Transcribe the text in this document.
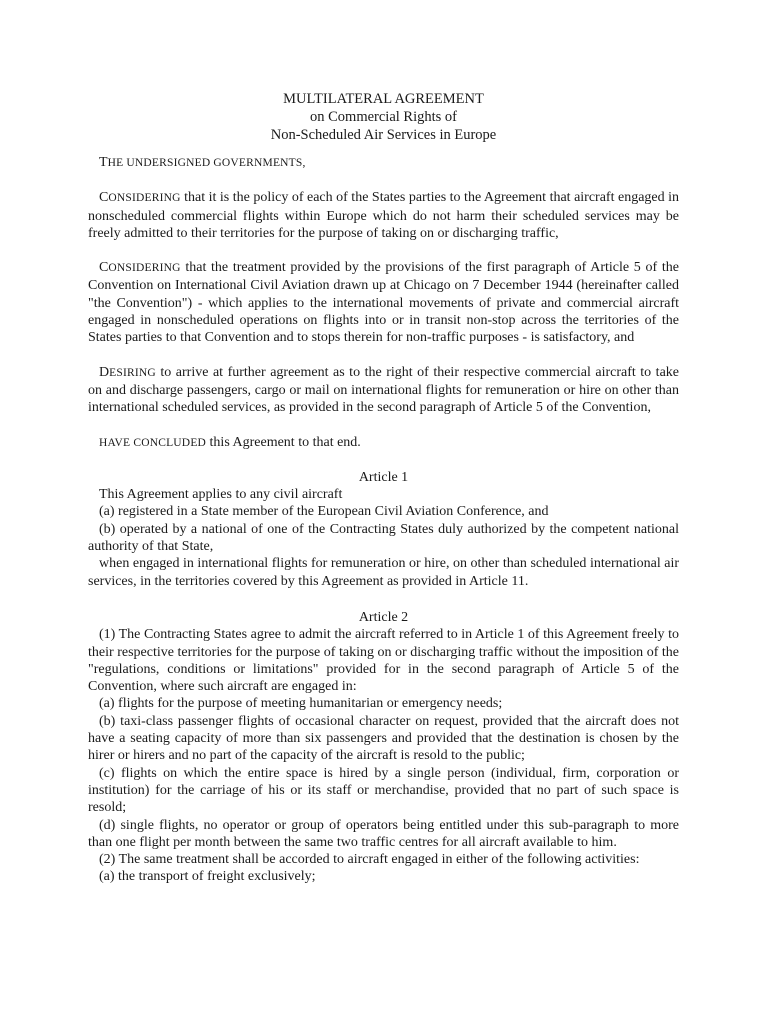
MULTILATERAL AGREEMENT
on Commercial Rights of
Non-Scheduled Air Services in Europe

THE UNDERSIGNED GOVERNMENTS,

CONSIDERING that it is the policy of each of the States parties to the Agreement that aircraft engaged in nonscheduled commercial flights within Europe which do not harm their scheduled services may be freely admitted to their territories for the purpose of taking on or discharging traffic,

CONSIDERING that the treatment provided by the provisions of the first paragraph of Article 5 of the Convention on International Civil Aviation drawn up at Chicago on 7 December 1944 (hereinafter called "the Convention") - which applies to the international movements of private and commercial aircraft engaged in nonscheduled operations on flights into or in transit non-stop across the territories of the States parties to that Convention and to stops therein for non-traffic purposes - is satisfactory, and

DESIRING to arrive at further agreement as to the right of their respective commercial aircraft to take on and discharge passengers, cargo or mail on international flights for remuneration or hire on other than international scheduled services, as provided in the second paragraph of Article 5 of the Convention,

HAVE CONCLUDED this Agreement to that end.

Article 1

This Agreement applies to any civil aircraft

(a) registered in a State member of the European Civil Aviation Conference, and

(b) operated by a national of one of the Contracting States duly authorized by the competent national authority of that State,

when engaged in international flights for remuneration or hire, on other than scheduled international air services, in the territories covered by this Agreement as provided in Article 11.

Article 2

(1) The Contracting States agree to admit the aircraft referred to in Article 1 of this Agreement freely to their respective territories for the purpose of taking on or discharging traffic without the imposition of the "regulations, conditions or limitations" provided for in the second paragraph of Article 5 of the Convention, where such aircraft are engaged in:

(a) flights for the purpose of meeting humanitarian or emergency needs;

(b) taxi-class passenger flights of occasional character on request, provided that the aircraft does not have a seating capacity of more than six passengers and provided that the destination is chosen by the hirer or hirers and no part of the capacity of the aircraft is resold to the public;

(c) flights on which the entire space is hired by a single person (individual, firm, corporation or institution) for the carriage of his or its staff or merchandise, provided that no part of such space is resold;

(d) single flights, no operator or group of operators being entitled under this sub-paragraph to more than one flight per month between the same two traffic centres for all aircraft available to him.

(2) The same treatment shall be accorded to aircraft engaged in either of the following activities:

(a) the transport of freight exclusively;
